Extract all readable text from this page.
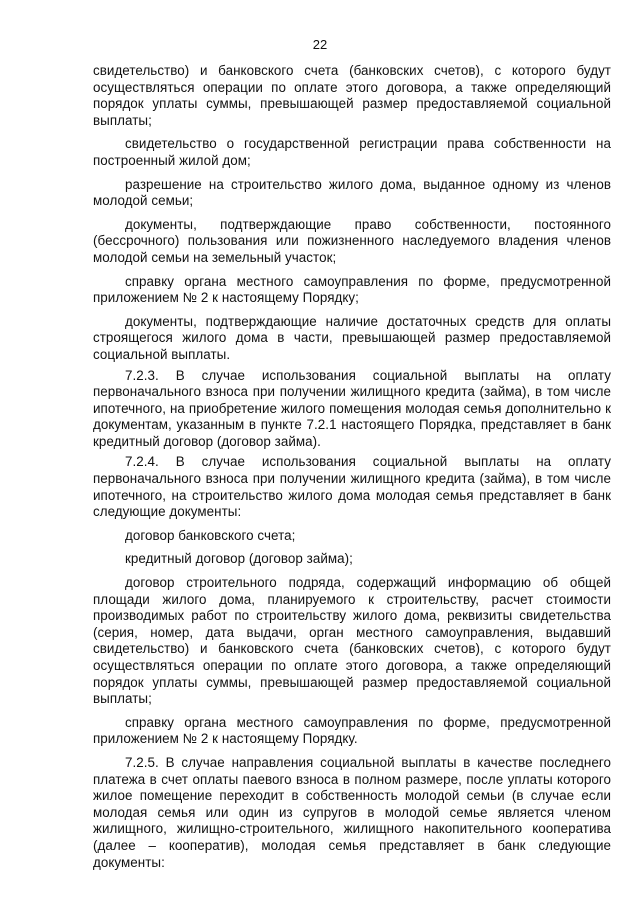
22

свидетельство) и банковского счета (банковских счетов), с которого будут осуществляться операции по оплате этого договора, а также определяющий порядок уплаты суммы, превышающей размер предоставляемой социальной выплаты;

свидетельство о государственной регистрации права собственности на построенный жилой дом;

разрешение на строительство жилого дома, выданное одному из членов молодой семьи;

документы, подтверждающие право собственности, постоянного (бессрочного) пользования или пожизненного наследуемого владения членов молодой семьи на земельный участок;

справку органа местного самоуправления по форме, предусмотренной приложением № 2 к настоящему Порядку;

документы, подтверждающие наличие достаточных средств для оплаты строящегося жилого дома в части, превышающей размер предоставляемой социальной выплаты.

7.2.3. В случае использования социальной выплаты на оплату первоначального взноса при получении жилищного кредита (займа), в том числе ипотечного, на приобретение жилого помещения молодая семья дополнительно к документам, указанным в пункте 7.2.1 настоящего Порядка, представляет в банк кредитный договор (договор займа).

7.2.4. В случае использования социальной выплаты на оплату первоначального взноса при получении жилищного кредита (займа), в том числе ипотечного, на строительство жилого дома молодая семья представляет в банк следующие документы:

договор банковского счета;

кредитный договор (договор займа);

договор строительного подряда, содержащий информацию об общей площади жилого дома, планируемого к строительству, расчет стоимости производимых работ по строительству жилого дома, реквизиты свидетельства (серия, номер, дата выдачи, орган местного самоуправления, выдавший свидетельство) и банковского счета (банковских счетов), с которого будут осуществляться операции по оплате этого договора, а также определяющий порядок уплаты суммы, превышающей размер предоставляемой социальной выплаты;

справку органа местного самоуправления по форме, предусмотренной приложением № 2 к настоящему Порядку.

7.2.5. В случае направления социальной выплаты в качестве последнего платежа в счет оплаты паевого взноса в полном размере, после уплаты которого жилое помещение переходит в собственность молодой семьи (в случае если молодая семья или один из супругов в молодой семье является членом жилищного, жилищно-строительного, жилищного накопительного кооператива (далее – кооператив), молодая семья представляет в банк следующие документы:
